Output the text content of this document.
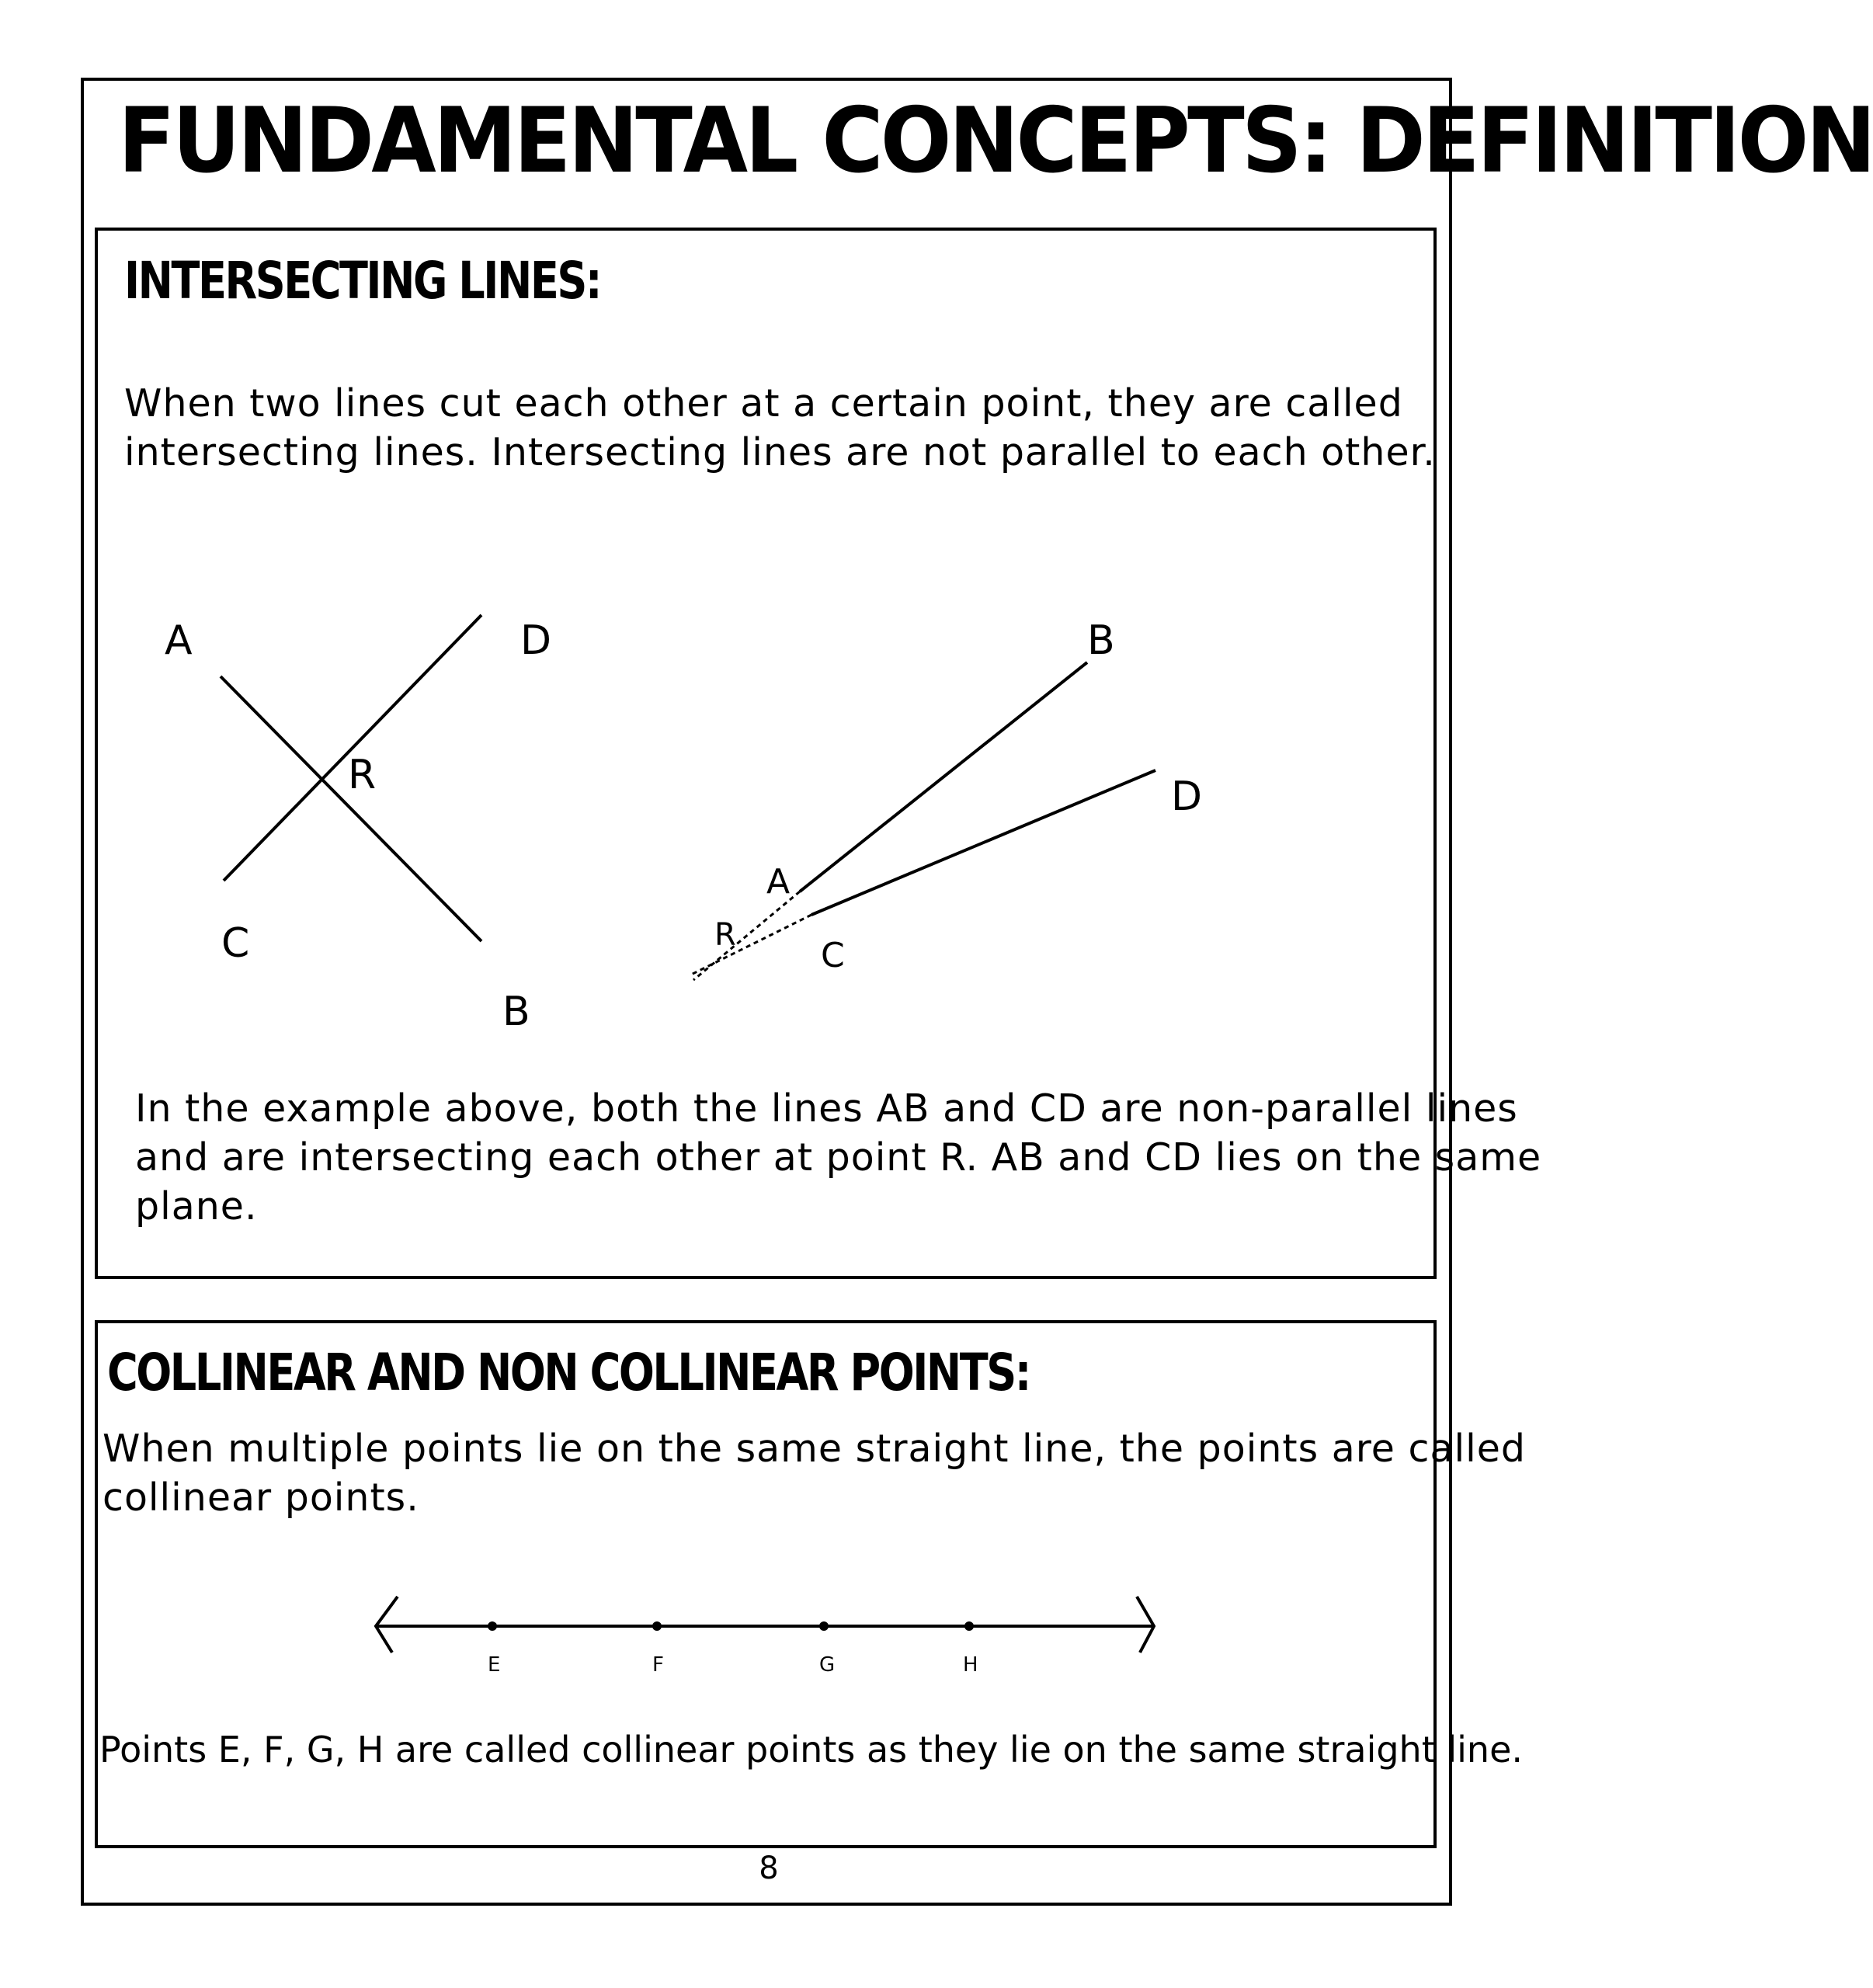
FUNDAMENTAL CONCEPTS: DEFINITION
INTERSECTING LINES:
When two lines cut each other at a certain point, they are called
intersecting lines. Intersecting lines are not parallel to each other.
A	D
R
C
B
B
D
A
R
C
In the example above, both the lines AB and CD are non-parallel lines
and are intersecting each other at point R. AB and CD lies on the same
plane.
COLLINEAR AND NON COLLINEAR POINTS:
When multiple points lie on the same straight line, the points are called
collinear points.
E	F	G	H
Points E, F, G, H are called collinear points as they lie on the same straight line.
8
